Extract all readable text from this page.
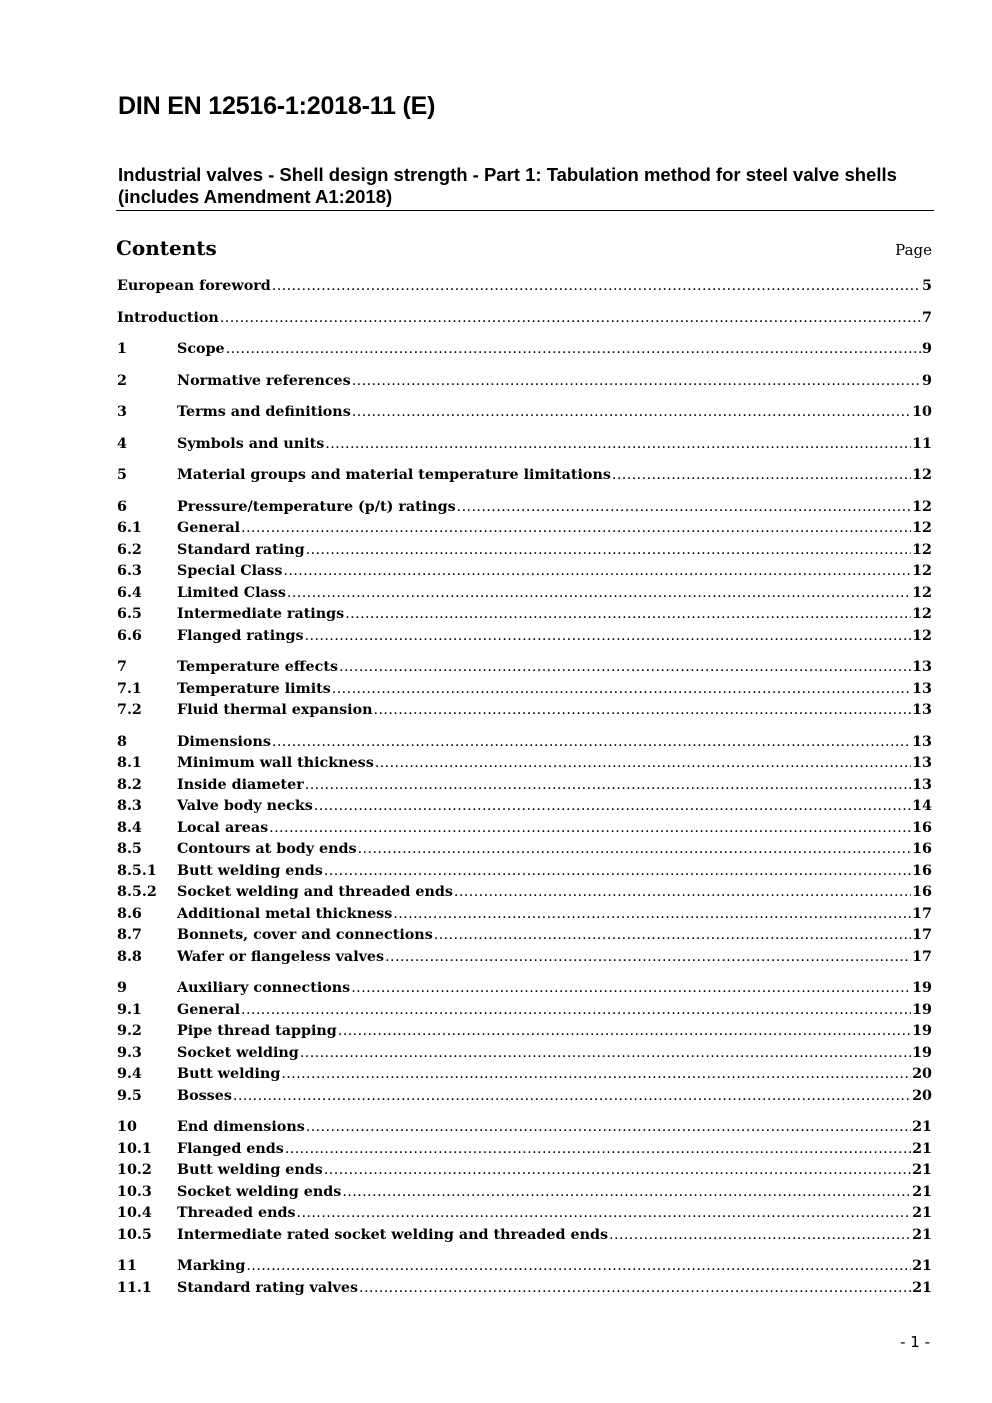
DIN EN 12516-1:2018-11 (E)
Industrial valves - Shell design strength - Part 1: Tabulation method for steel valve shells (includes Amendment A1:2018)
Contents	Page
European foreword .....	5
Introduction .....	7
1	Scope .....	9
2	Normative references .....	9
3	Terms and definitions .....	10
4	Symbols and units .....	11
5	Material groups and material temperature limitations .....	12
6	Pressure/temperature (p/t) ratings .....	12
6.1	General .....	12
6.2	Standard rating .....	12
6.3	Special Class .....	12
6.4	Limited Class .....	12
6.5	Intermediate ratings .....	12
6.6	Flanged ratings .....	12
7	Temperature effects .....	13
7.1	Temperature limits .....	13
7.2	Fluid thermal expansion .....	13
8	Dimensions .....	13
8.1	Minimum wall thickness .....	13
8.2	Inside diameter .....	13
8.3	Valve body necks .....	14
8.4	Local areas .....	16
8.5	Contours at body ends .....	16
8.5.1	Butt welding ends .....	16
8.5.2	Socket welding and threaded ends .....	16
8.6	Additional metal thickness .....	17
8.7	Bonnets, cover and connections .....	17
8.8	Wafer or flangeless valves .....	17
9	Auxiliary connections .....	19
9.1	General .....	19
9.2	Pipe thread tapping .....	19
9.3	Socket welding .....	19
9.4	Butt welding .....	20
9.5	Bosses .....	20
10	End dimensions .....	21
10.1	Flanged ends .....	21
10.2	Butt welding ends .....	21
10.3	Socket welding ends .....	21
10.4	Threaded ends .....	21
10.5	Intermediate rated socket welding and threaded ends .....	21
11	Marking .....	21
11.1	Standard rating valves .....	21
- 1 -
